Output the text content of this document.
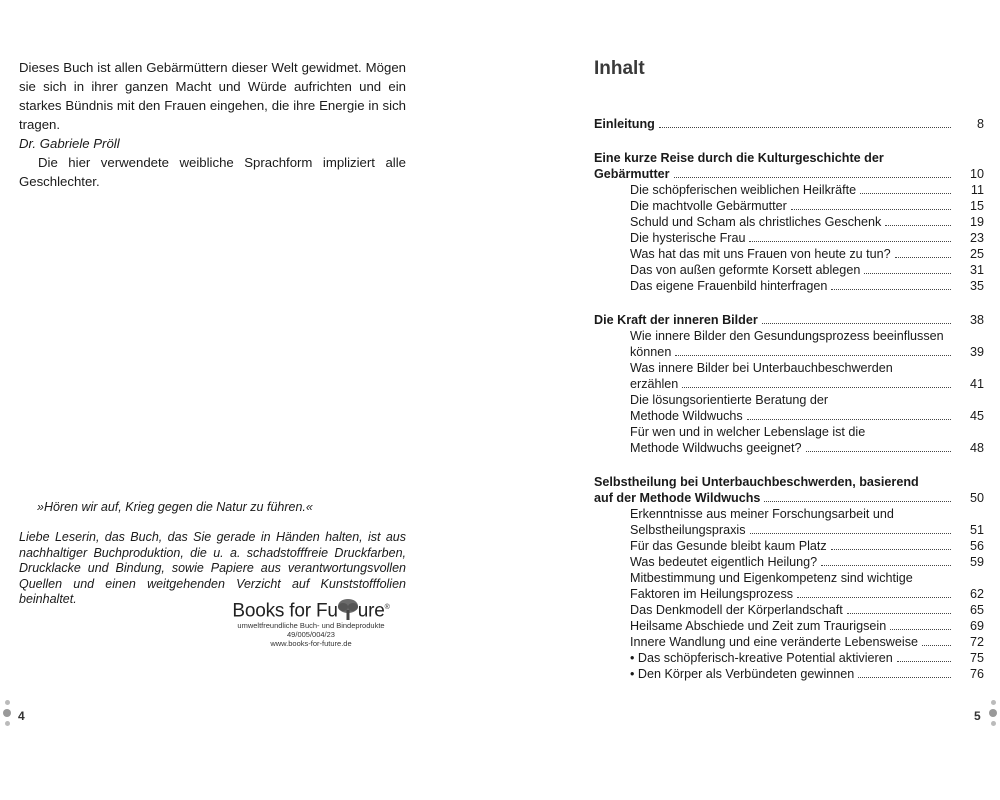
Dieses Buch ist allen Gebärmüttern dieser Welt gewidmet. Mögen sie sich in ihrer ganzen Macht und Würde aufrichten und ein starkes Bündnis mit den Frauen eingehen, die ihre Energie in sich tragen.

Dr. Gabriele Pröll

Die hier verwendete weibliche Sprachform impliziert alle Geschlechter.

»Hören wir auf, Krieg gegen die Natur zu führen.«

Liebe Leserin, das Buch, das Sie gerade in Händen halten, ist aus nachhaltiger Buchproduktion, die u. a. schadstofffreie Druckfarben, Drucklacke und Bindung, sowie Papiere aus verantwortungsvollen Quellen und einen weitgehenden Verzicht auf Kunststofffolien beinhaltet.

Books for Fu ure®
umweltfreundliche Buch- und Bindeprodukte
49/005/004/23
www.books-for-future.de
4
Inhalt
Einleitung	8
Eine kurze Reise durch die Kulturgeschichte der
Gebärmutter	10
Die schöpferischen weiblichen Heilkräfte	11
Die machtvolle Gebärmutter	15
Schuld und Scham als christliches Geschenk	19
Die hysterische Frau	23
Was hat das mit uns Frauen von heute zu tun?	25
Das von außen geformte Korsett ablegen	31
Das eigene Frauenbild hinterfragen	35
Die Kraft der inneren Bilder	38
Wie innere Bilder den Gesundungsprozess beeinflussen
können	39
Was innere Bilder bei Unterbauchbeschwerden
erzählen	41
Die lösungsorientierte Beratung der
Methode Wildwuchs	45
Für wen und in welcher Lebenslage ist die
Methode Wildwuchs geeignet?	48
Selbstheilung bei Unterbauchbeschwerden, basierend
auf der Methode Wildwuchs	50
Erkenntnisse aus meiner Forschungsarbeit und
Selbstheilungspraxis	51
Für das Gesunde bleibt kaum Platz	56
Was bedeutet eigentlich Heilung?	59
Mitbestimmung und Eigenkompetenz sind wichtige
Faktoren im Heilungsprozess	62
Das Denkmodell der Körperlandschaft	65
Heilsame Abschiede und Zeit zum Traurigsein	69
Innere Wandlung und eine veränderte Lebensweise	72
• Das schöpferisch-kreative Potential aktivieren	75
• Den Körper als Verbündeten gewinnen	76
5
